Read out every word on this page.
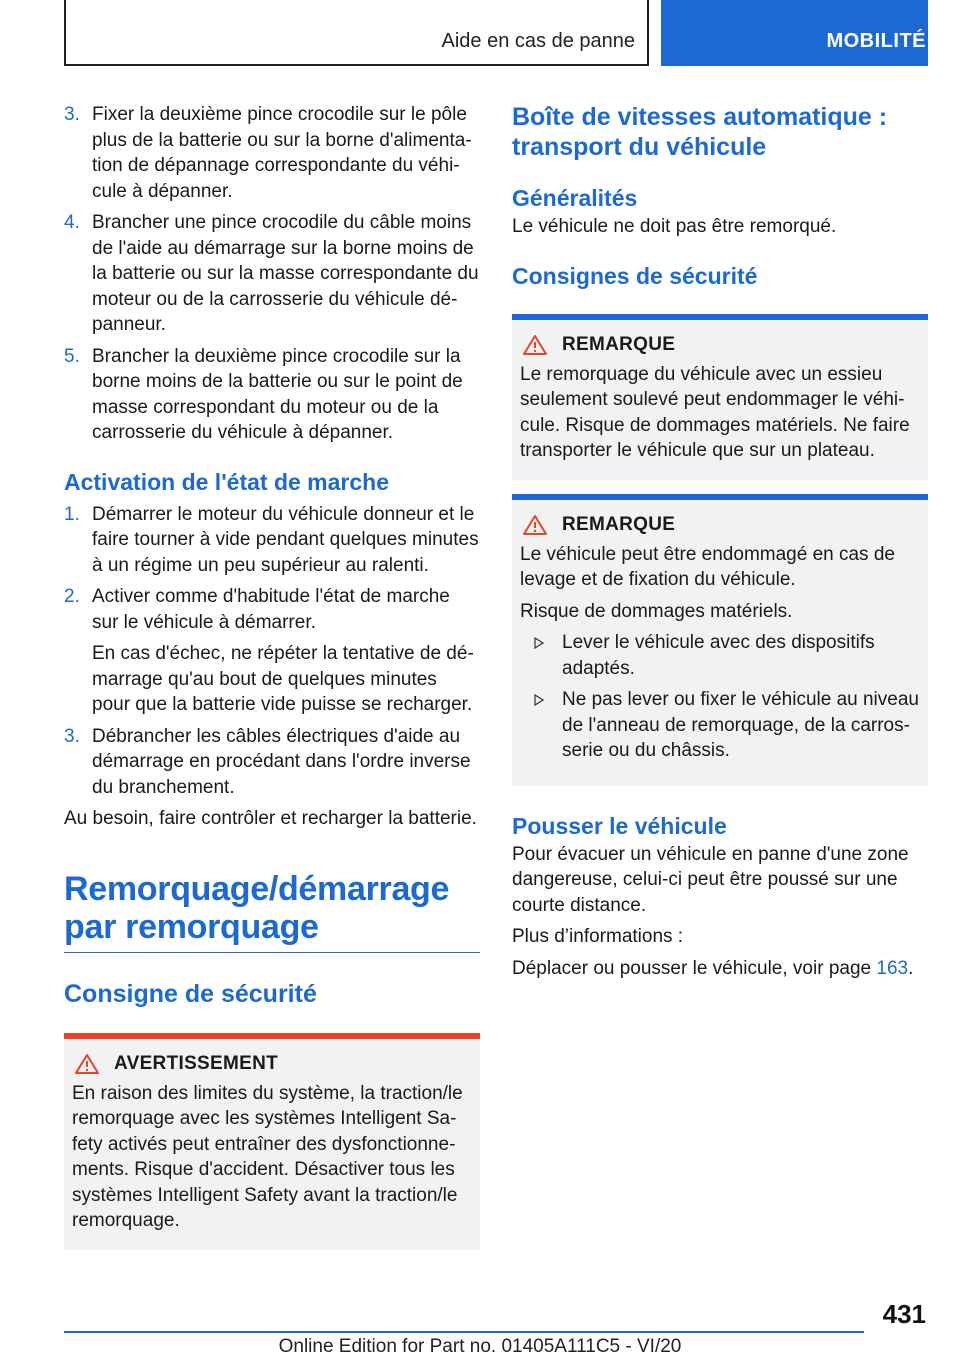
Aide en cas de panne	MOBILITÉ
3. Fixer la deuxième pince crocodile sur le pôle plus de la batterie ou sur la borne d'alimentation de dépannage correspondante du véhicule à dépanner.

4. Brancher une pince crocodile du câble moins de l'aide au démarrage sur la borne moins de la batterie ou sur la masse correspondante du moteur ou de la carrosserie du véhicule dépanneur.

5. Brancher la deuxième pince crocodile sur la borne moins de la batterie ou sur le point de masse correspondant du moteur ou de la carrosserie du véhicule à dépanner.

Activation de l'état de marche
1. Démarrer le moteur du véhicule donneur et le faire tourner à vide pendant quelques minutes à un régime un peu supérieur au ralenti.

2. Activer comme d'habitude l'état de marche sur le véhicule à démarrer.

En cas d'échec, ne répéter la tentative de démarrage qu'au bout de quelques minutes pour que la batterie vide puisse se recharger.

3. Débrancher les câbles électriques d'aide au démarrage en procédant dans l'ordre inverse du branchement.

Au besoin, faire contrôler et recharger la batterie.

Remorquage/démarrage par remorquage
Consigne de sécurité
AVERTISSEMENT

En raison des limites du système, la traction/le remorquage avec les systèmes Intelligent Safety activés peut entraîner des dysfonctionnements. Risque d'accident. Désactiver tous les systèmes Intelligent Safety avant la traction/le remorquage.

Boîte de vitesses automatique : transport du véhicule
Généralités

Le véhicule ne doit pas être remorqué.

Consignes de sécurité
REMARQUE

Le remorquage du véhicule avec un essieu seulement soulevé peut endommager le véhicule. Risque de dommages matériels. Ne faire transporter le véhicule que sur un plateau.

REMARQUE

Le véhicule peut être endommagé en cas de levage et de fixation du véhicule.

Risque de dommages matériels.

Lever le véhicule avec des dispositifs adaptés.
Ne pas lever ou fixer le véhicule au niveau de l'anneau de remorquage, de la carrosserie ou du châssis.
Pousser le véhicule

Pour évacuer un véhicule en panne d'une zone dangereuse, celui-ci peut être poussé sur une courte distance.

Plus d’informations :

Déplacer ou pousser le véhicule, voir page 163.

431
Online Edition for Part no. 01405A111C5 - VI/20
